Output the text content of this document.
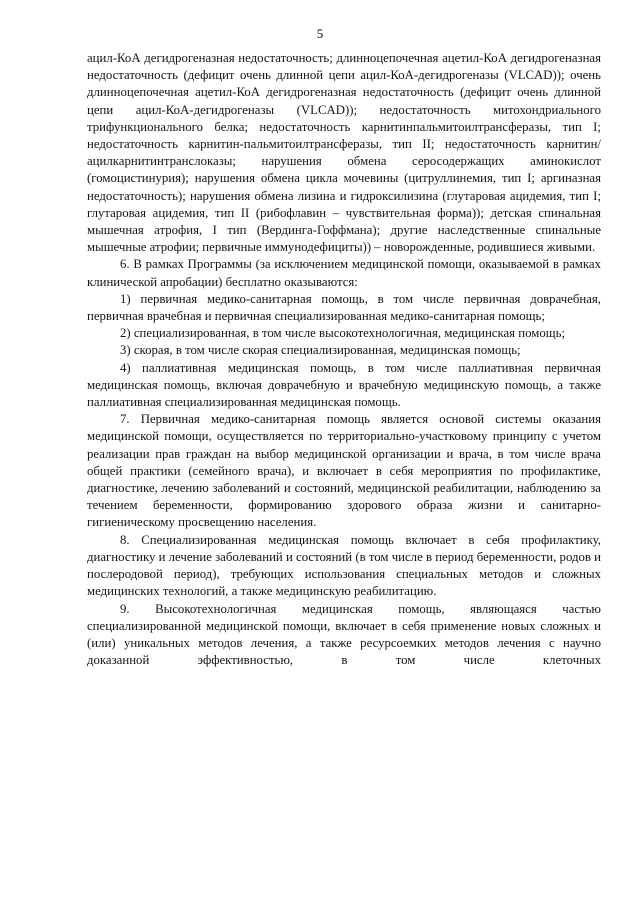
5

ацил-КоА дегидрогеназная недостаточность; длинноцепочечная ацетил-КоА дегидрогеназная недостаточность (дефицит очень длинной цепи ацил-КоА-дегидрогеназы (VLCAD)); очень длинноцепочечная ацетил-КоА дегидрогеназная недостаточность (дефицит очень длинной цепи ацил-КоА-дегидрогеназы (VLCAD)); недостаточность митохондриального трифункционального белка; недостаточность карнитинпальмитоилтрансферазы, тип I; недостаточность карнитин-пальмитоилтрансферазы, тип II; недостаточность карнитин/ацилкарнитинтранслоказы; нарушения обмена серосодержащих аминокислот (гомоцистинурия); нарушения обмена цикла мочевины (цитруллинемия, тип I; аргиназная недостаточность); нарушения обмена лизина и гидроксилизина (глутаровая ацидемия, тип I; глутаровая ацидемия, тип II (рибофлавин – чувствительная форма)); детская спинальная мышечная атрофия, I тип (Вердинга-Гоффмана); другие наследственные спинальные мышечные атрофии; первичные иммунодефициты)) – новорожденные, родившиеся живыми.

6. В рамках Программы (за исключением медицинской помощи, оказываемой в рамках клинической апробации) бесплатно оказываются:

1) первичная медико-санитарная помощь, в том числе первичная доврачебная, первичная врачебная и первичная специализированная медико-санитарная помощь;

2) специализированная, в том числе высокотехнологичная, медицинская помощь;

3) скорая, в том числе скорая специализированная, медицинская помощь;

4) паллиативная медицинская помощь, в том числе паллиативная первичная медицинская помощь, включая доврачебную и врачебную медицинскую помощь, а также паллиативная специализированная медицинская помощь.

7. Первичная медико-санитарная помощь является основой системы оказания медицинской помощи, осуществляется по территориально-участковому принципу с учетом реализации прав граждан на выбор медицинской организации и врача, в том числе врача общей практики (семейного врача), и включает в себя мероприятия по профилактике, диагностике, лечению заболеваний и состояний, медицинской реабилитации, наблюдению за течением беременности, формированию здорового образа жизни и санитарно-гигиеническому просвещению населения.

8. Специализированная медицинская помощь включает в себя профилактику, диагностику и лечение заболеваний и состояний (в том числе в период беременности, родов и послеродовой период), требующих использования специальных методов и сложных медицинских технологий, а также медицинскую реабилитацию.

9. Высокотехнологичная медицинская помощь, являющаяся частью специализированной медицинской помощи, включает в себя применение новых сложных и (или) уникальных методов лечения, а также ресурсоемких методов лечения с научно доказанной эффективностью, в том числе клеточных
